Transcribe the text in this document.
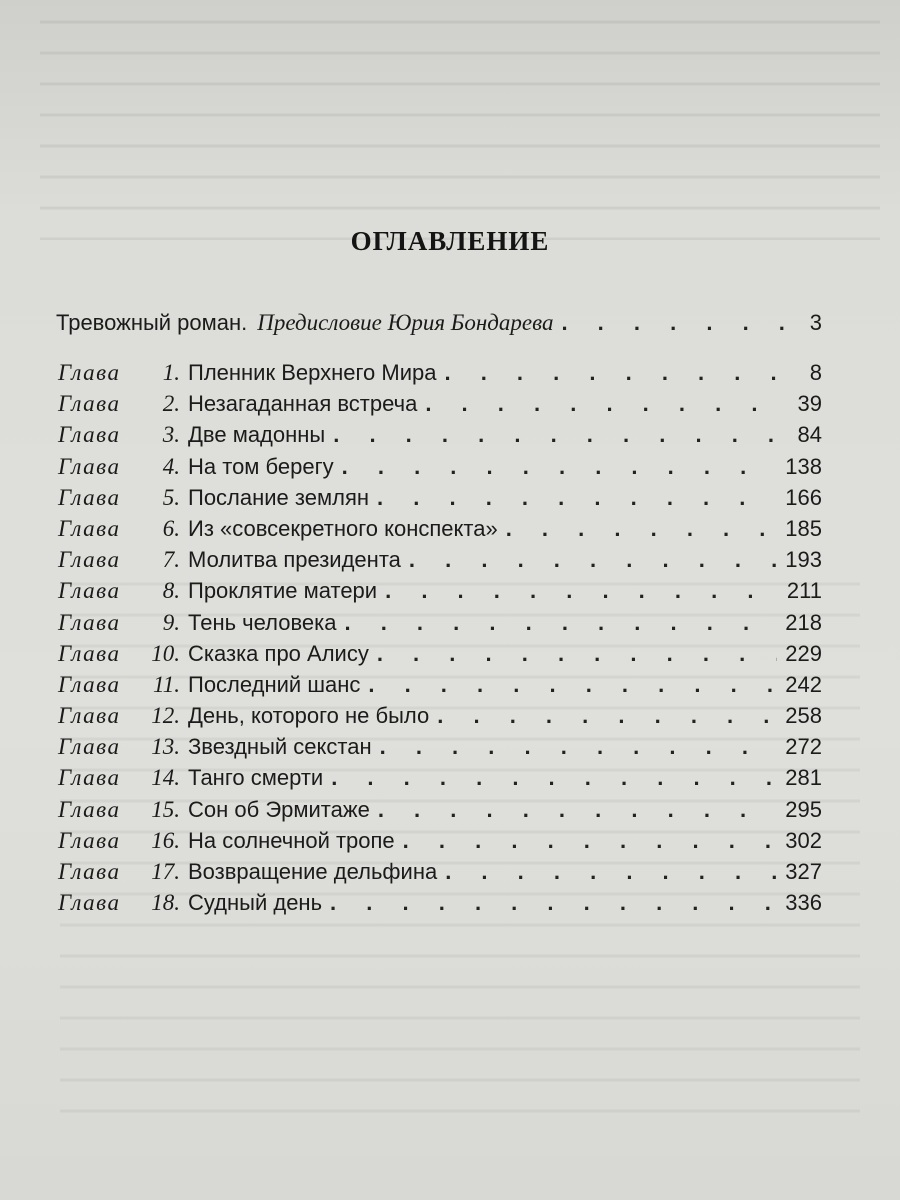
ОГЛАВЛЕНИЕ
Тревожный роман. Предисловие Юрия Бондарева . . .	3
Глава	1. Пленник Верхнего Мира . . .	8
Глава	2. Незагаданная встреча . . .	39
Глава	3. Две мадонны . . .	84
Глава	4. На том берегу . . .	138
Глава	5. Послание землян . . .	166
Глава	6. Из «совсекретного конспекта» . . .	185
Глава	7. Молитва президента . . .	193
Глава	8. Проклятие матери . . .	211
Глава	9. Тень человека . . .	218
Глава	10. Сказка про Алису . . .	229
Глава	11. Последний шанс . . .	242
Глава	12. День, которого не было . . .	258
Глава	13. Звездный секстан . . .	272
Глава	14. Танго смерти . . .	281
Глава	15. Сон об Эрмитаже . . .	295
Глава	16. На солнечной тропе . . .	302
Глава	17. Возвращение дельфина . . .	327
Глава	18. Судный день . . .	336
